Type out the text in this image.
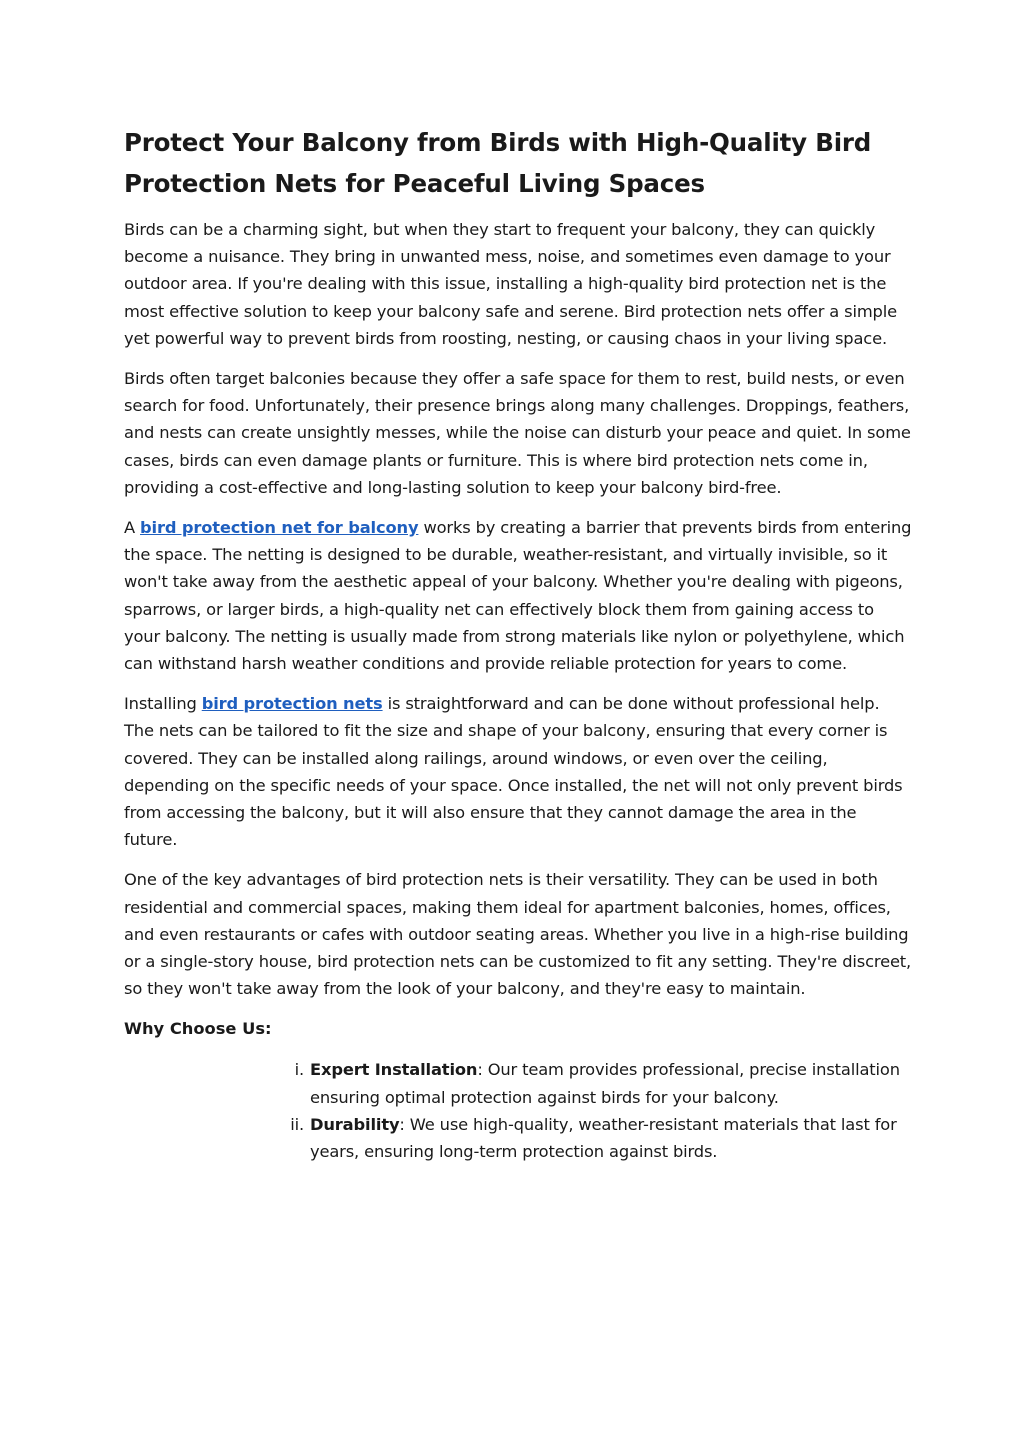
Protect Your Balcony from Birds with High-Quality Bird Protection Nets for Peaceful Living Spaces

Birds can be a charming sight, but when they start to frequent your balcony, they can quickly become a nuisance. They bring in unwanted mess, noise, and sometimes even damage to your outdoor area. If you're dealing with this issue, installing a high-quality bird protection net is the most effective solution to keep your balcony safe and serene. Bird protection nets offer a simple yet powerful way to prevent birds from roosting, nesting, or causing chaos in your living space.

Birds often target balconies because they offer a safe space for them to rest, build nests, or even search for food. Unfortunately, their presence brings along many challenges. Droppings, feathers, and nests can create unsightly messes, while the noise can disturb your peace and quiet. In some cases, birds can even damage plants or furniture. This is where bird protection nets come in, providing a cost-effective and long-lasting solution to keep your balcony bird-free.

A bird protection net for balcony works by creating a barrier that prevents birds from entering the space. The netting is designed to be durable, weather-resistant, and virtually invisible, so it won't take away from the aesthetic appeal of your balcony. Whether you're dealing with pigeons, sparrows, or larger birds, a high-quality net can effectively block them from gaining access to your balcony. The netting is usually made from strong materials like nylon or polyethylene, which can withstand harsh weather conditions and provide reliable protection for years to come.

Installing bird protection nets is straightforward and can be done without professional help. The nets can be tailored to fit the size and shape of your balcony, ensuring that every corner is covered. They can be installed along railings, around windows, or even over the ceiling, depending on the specific needs of your space. Once installed, the net will not only prevent birds from accessing the balcony, but it will also ensure that they cannot damage the area in the future.

One of the key advantages of bird protection nets is their versatility. They can be used in both residential and commercial spaces, making them ideal for apartment balconies, homes, offices, and even restaurants or cafes with outdoor seating areas. Whether you live in a high-rise building or a single-story house, bird protection nets can be customized to fit any setting. They're discreet, so they won't take away from the look of your balcony, and they're easy to maintain.

Why Choose Us:
i. Expert Installation: Our team provides professional, precise installation ensuring optimal protection against birds for your balcony.
ii. Durability: We use high-quality, weather-resistant materials that last for years, ensuring long-term protection against birds.
